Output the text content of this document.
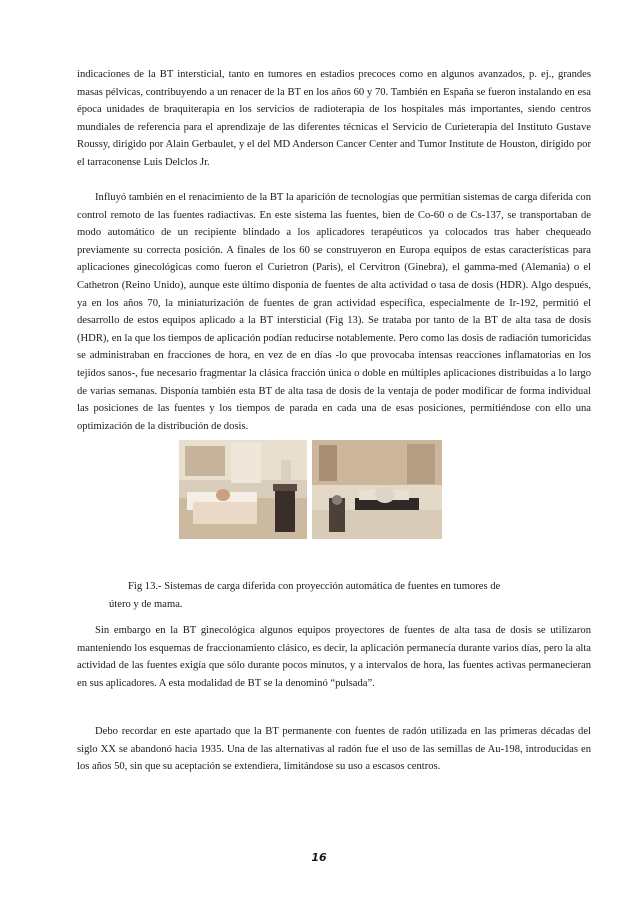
indicaciones de la BT intersticial, tanto en tumores en estadios precoces como en algunos avanzados, p. ej., grandes masas pélvicas, contribuyendo a un renacer de la BT en los años 60 y 70. También en España se fueron instalando en esa época unidades de braquiterapia en los servicios de radioterapia de los hospitales más importantes, siendo centros mundiales de referencia para el aprendizaje de las diferentes técnicas el Servicio de Curieterapia del Instituto Gustave Roussy, dirigido por Alain Gerbaulet, y el del MD Anderson Cancer Center and Tumor Institute de Houston, dirigido por el tarraconense Luis Delclos Jr.

Influyó también en el renacimiento de la BT la aparición de tecnologías que permitían sistemas de carga diferida con control remoto de las fuentes radiactivas. En este sistema las fuentes, bien de Co-60 o de Cs-137, se transportaban de modo automático de un recipiente blindado a los aplicadores terapéuticos ya colocados tras haber chequeado previamente su correcta posición. A finales de los 60 se construyeron en Europa equipos de estas características para aplicaciones ginecológicas como fueron el Curietron (Paris), el Cervitron (Ginebra), el gamma-med (Alemania) o el Cathetron (Reino Unido), aunque este último disponía de fuentes de alta actividad o tasa de dosis (HDR). Algo después, ya en los años 70, la miniaturización de fuentes de gran actividad específica, especialmente de Ir-192, permitió el desarrollo de estos equipos aplicado a la BT intersticial (Fig 13). Se trataba por tanto de la BT de alta tasa de dosis (HDR), en la que los tiempos de aplicación podían reducirse notablemente. Pero como las dosis de radiación tumoricidas se administraban en fracciones de hora, en vez de en días -lo que provocaba intensas reacciones inflamatorias en los tejidos sanos-, fue necesario fragmentar la clásica fracción única o doble en múltiples aplicaciones distribuidas a lo largo de varias semanas. Disponía también esta BT de alta tasa de dosis de la ventaja de poder modificar de forma individual las posiciones de las fuentes y los tiempos de parada en cada una de esas posiciones, permitiéndose con ello una optimización de la distribución de dosis.

Fig 13.- Sistemas de carga diferida con proyección automática de fuentes en tumores de
útero y de mama.

Sin embargo en la BT ginecológica algunos equipos proyectores de fuentes de alta tasa de dosis se utilizaron manteniendo los esquemas de fraccionamiento clásico, es decir, la aplicación permanecía durante varios días, pero la alta actividad de las fuentes exigía que sólo durante pocos minutos, y a intervalos de hora, las fuentes activas permanecieran en sus aplicadores. A esta modalidad de BT se la denominó “pulsada”.

Debo recordar en este apartado que la BT permanente con fuentes de radón utilizada en las primeras décadas del siglo XX se abandonó hacia 1935. Una de las alternativas al radón fue el uso de las semillas de Au-198, introducidas en los años 50, sin que su aceptación se extendiera, limitándose su uso a escasos centros.

16
